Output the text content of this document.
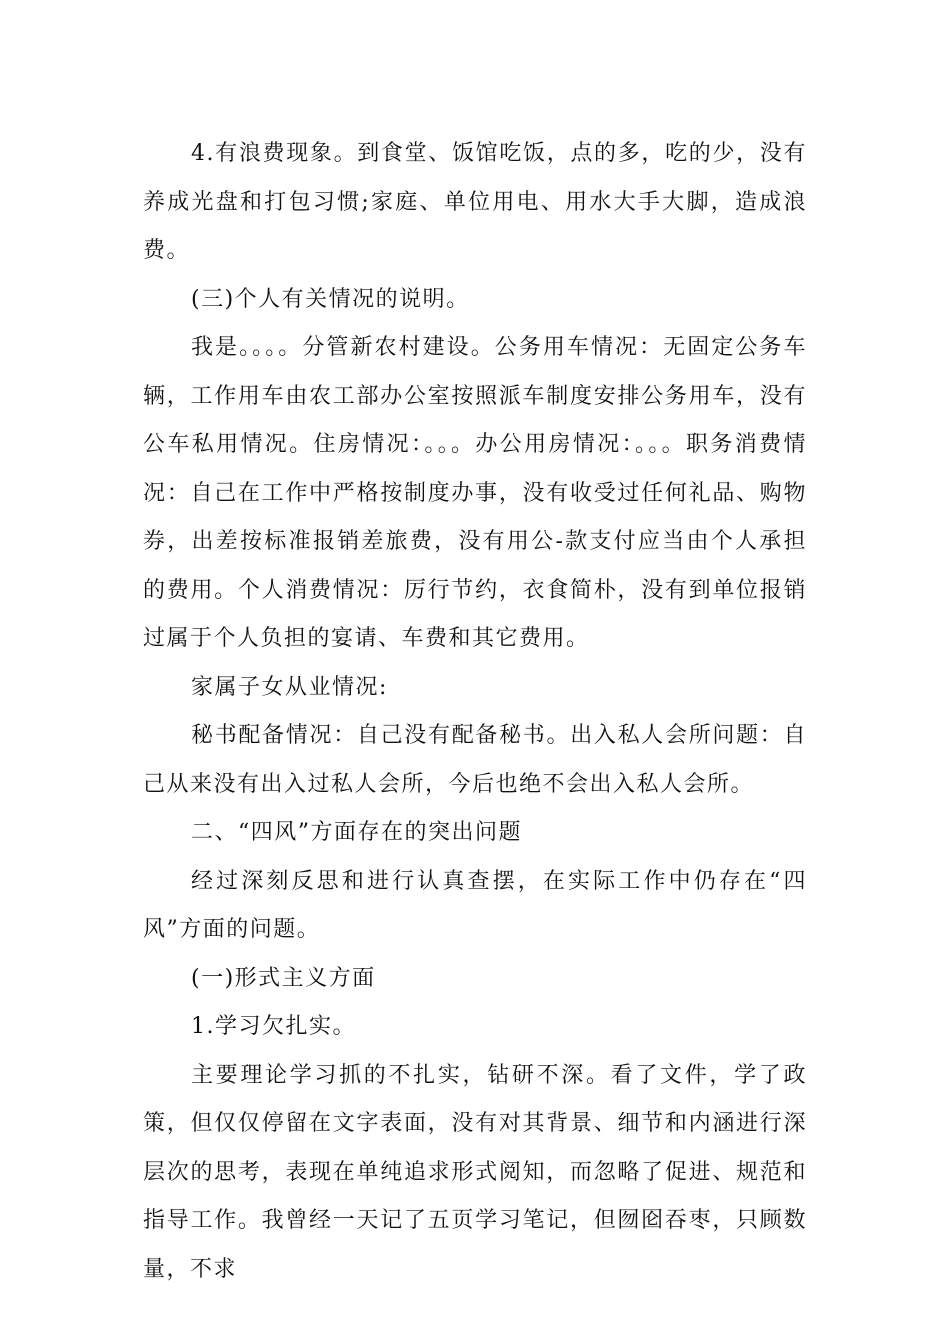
4.有浪费现象。到食堂、饭馆吃饭，点的多，吃的少，没有养成光盘和打包习惯;家庭、单位用电、用水大手大脚，造成浪费。

(三)个人有关情况的说明。

我是。。。。分管新农村建设。公务用车情况：无固定公务车辆，工作用车由农工部办公室按照派车制度安排公务用车，没有公车私用情况。住房情况：。。。办公用房情况：。。。职务消费情况：自己在工作中严格按制度办事，没有收受过任何礼品、购物券，出差按标准报销差旅费，没有用公-款支付应当由个人承担的费用。个人消费情况：厉行节约，衣食简朴，没有到单位报销过属于个人负担的宴请、车费和其它费用。

家属子女从业情况:

秘书配备情况：自己没有配备秘书。出入私人会所问题：自己从来没有出入过私人会所，今后也绝不会出入私人会所。

二、“四风”方面存在的突出问题

经过深刻反思和进行认真查摆，在实际工作中仍存在“四风”方面的问题。

(一)形式主义方面

1.学习欠扎实。

主要理论学习抓的不扎实，钻研不深。看了文件，学了政策，但仅仅停留在文字表面，没有对其背景、细节和内涵进行深层次的思考，表现在单纯追求形式阅知，而忽略了促进、规范和指导工作。我曾经一天记了五页学习笔记，但囫囵吞枣，只顾数量，不求
